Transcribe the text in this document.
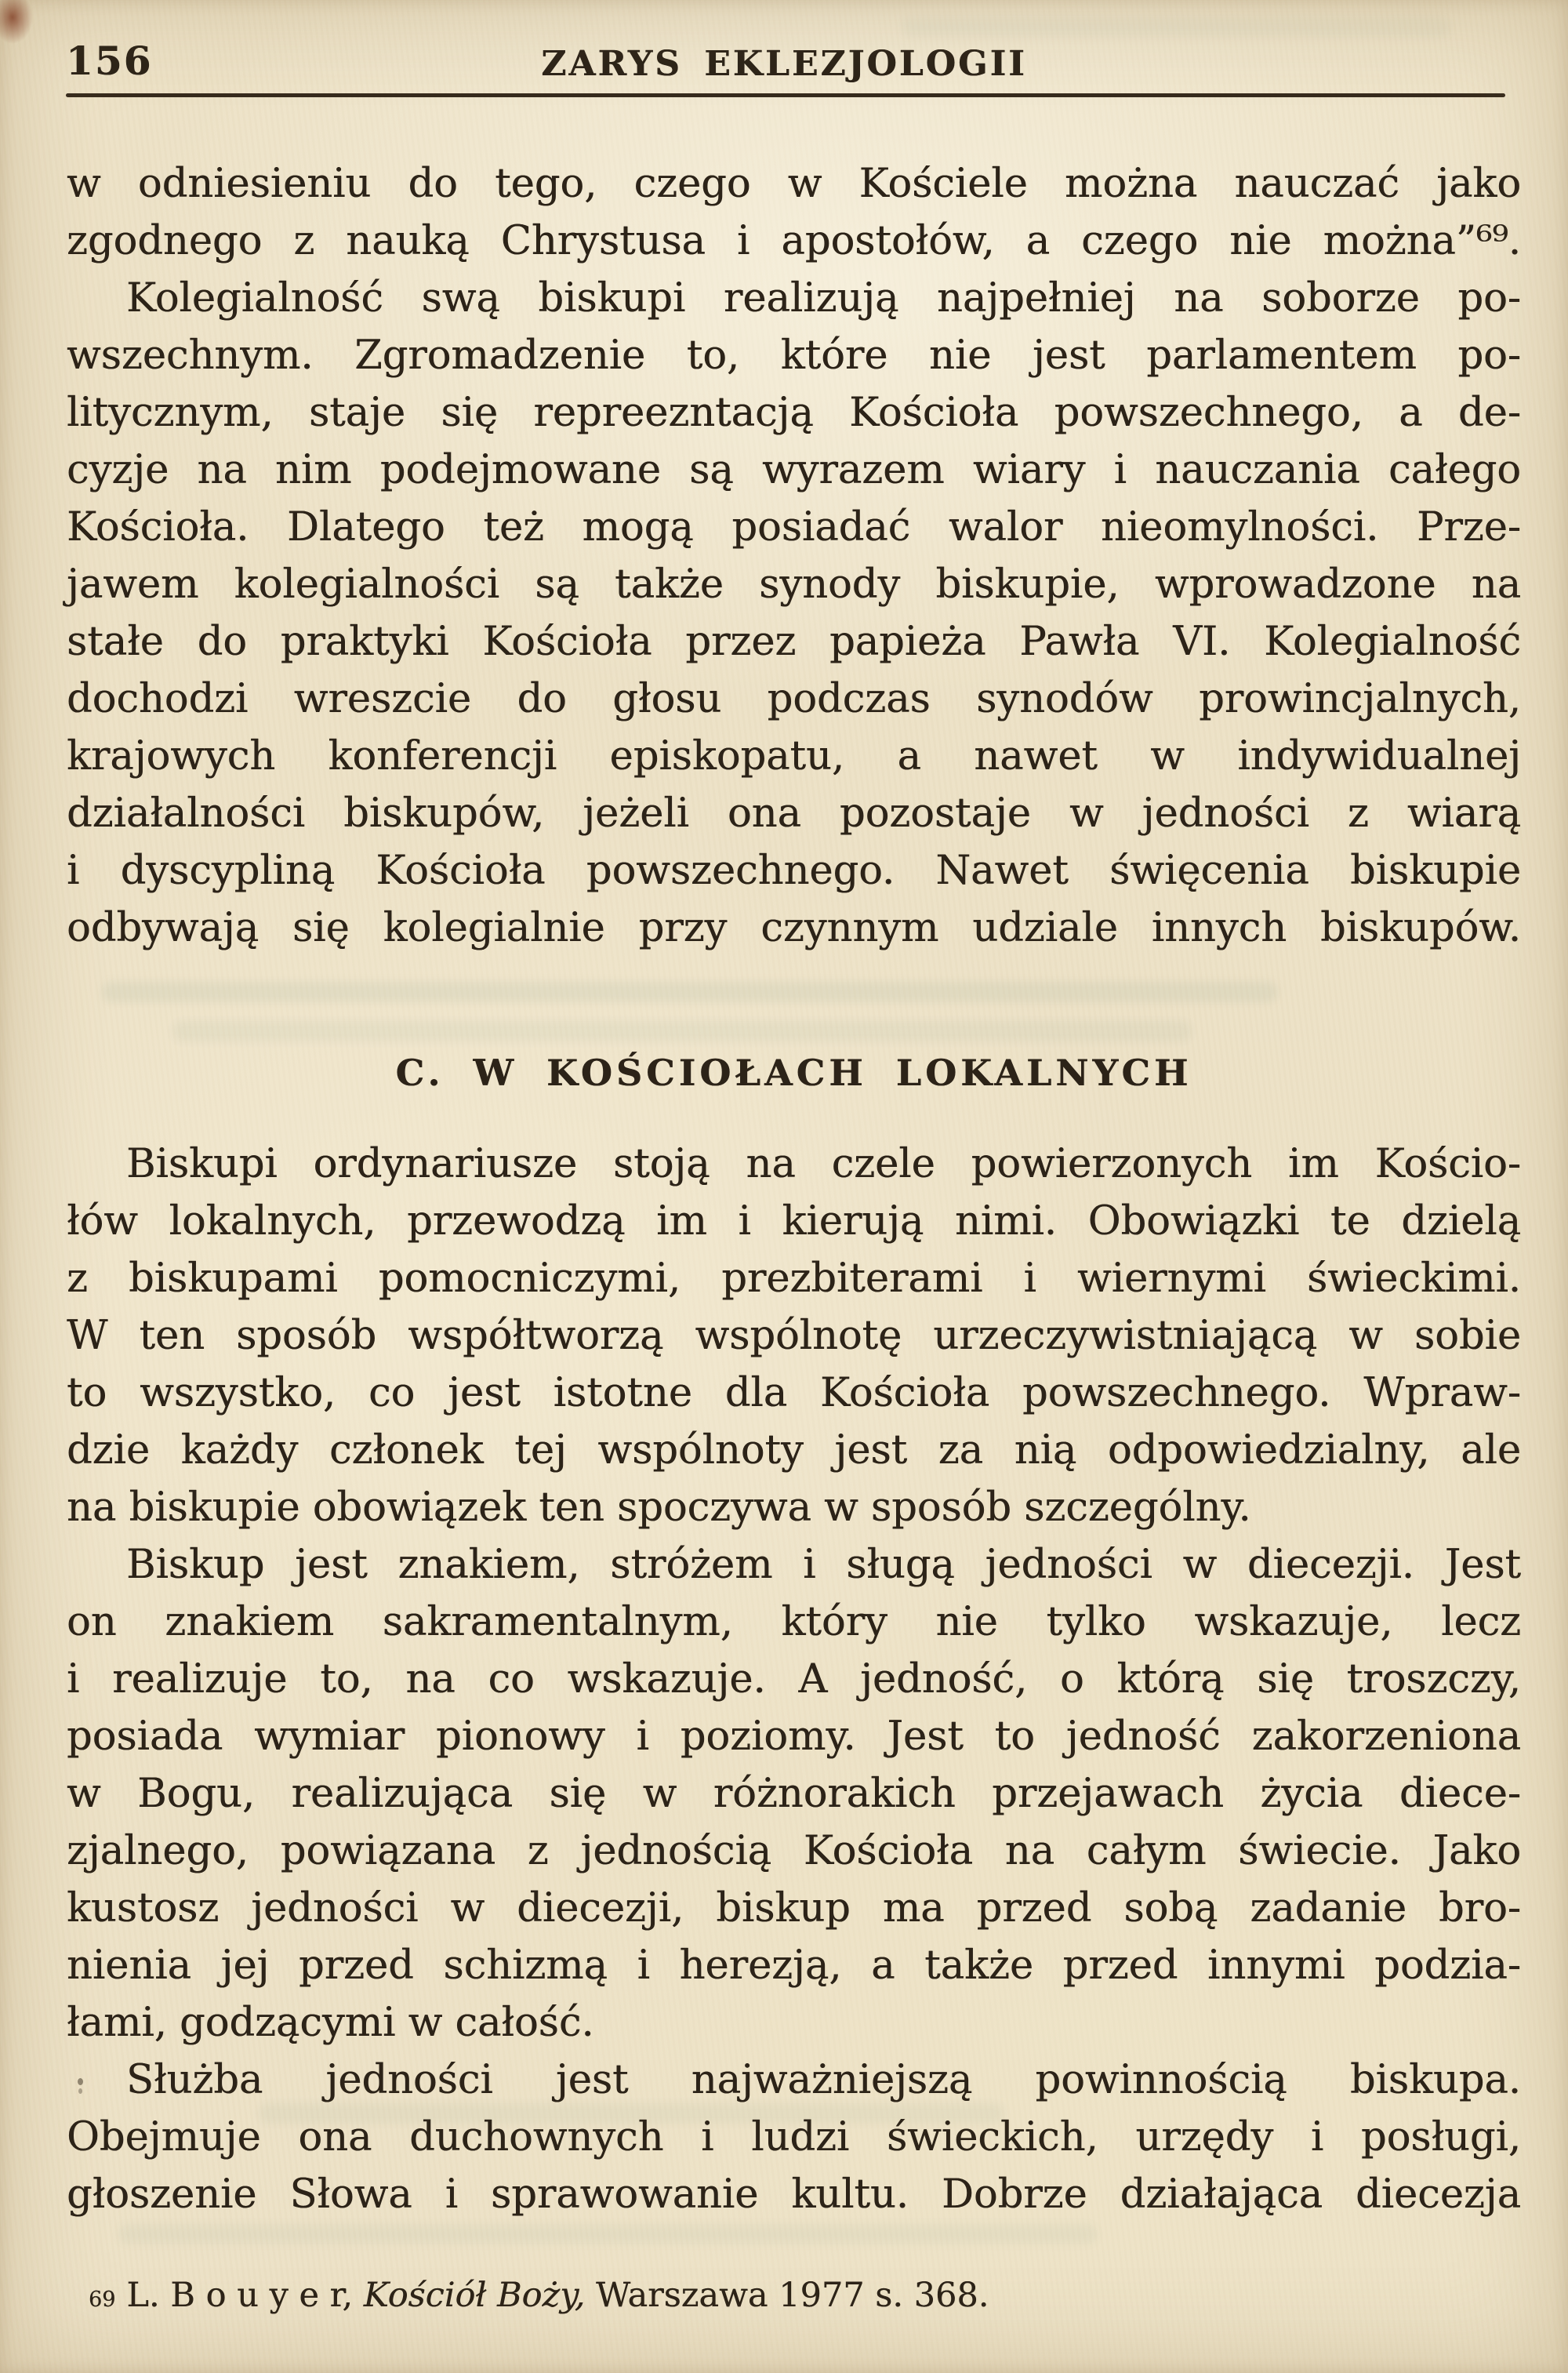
156	ZARYS EKLEZJOLOGII
w odniesieniu do tego, czego w Kościele można nauczać jako
zgodnego z nauką Chrystusa i apostołów, a czego nie można”⁶⁹.
Kolegialność swą biskupi realizują najpełniej na soborze po-
wszechnym. Zgromadzenie to, które nie jest parlamentem po-
litycznym, staje się repreezntacją Kościoła powszechnego, a de-
cyzje na nim podejmowane są wyrazem wiary i nauczania całego
Kościoła. Dlatego też mogą posiadać walor nieomylności. Prze-
jawem kolegialności są także synody biskupie, wprowadzone na
stałe do praktyki Kościoła przez papieża Pawła VI. Kolegialność
dochodzi wreszcie do głosu podczas synodów prowincjalnych,
krajowych konferencji episkopatu, a nawet w indywidualnej
działalności biskupów, jeżeli ona pozostaje w jedności z wiarą
i dyscypliną Kościoła powszechnego. Nawet święcenia biskupie
odbywają się kolegialnie przy czynnym udziale innych biskupów.
C. W KOŚCIOŁACH LOKALNYCH
Biskupi ordynariusze stoją na czele powierzonych im Kościo-
łów lokalnych, przewodzą im i kierują nimi. Obowiązki te dzielą
z biskupami pomocniczymi, prezbiterami i wiernymi świeckimi.
W ten sposób współtworzą wspólnotę urzeczywistniającą w sobie
to wszystko, co jest istotne dla Kościoła powszechnego. Wpraw-
dzie każdy członek tej wspólnoty jest za nią odpowiedzialny, ale
na biskupie obowiązek ten spoczywa w sposób szczególny.
Biskup jest znakiem, stróżem i sługą jedności w diecezji. Jest
on znakiem sakramentalnym, który nie tylko wskazuje, lecz
i realizuje to, na co wskazuje. A jedność, o którą się troszczy,
posiada wymiar pionowy i poziomy. Jest to jedność zakorzeniona
w Bogu, realizująca się w różnorakich przejawach życia diece-
zjalnego, powiązana z jednością Kościoła na całym świecie. Jako
kustosz jedności w diecezji, biskup ma przed sobą zadanie bro-
nienia jej przed schizmą i herezją, a także przed innymi podzia-
łami, godzącymi w całość.
Służba jedności jest najważniejszą powinnością biskupa.
Obejmuje ona duchownych i ludzi świeckich, urzędy i posługi,
głoszenie Słowa i sprawowanie kultu. Dobrze działająca diecezja
$^{69}$ L. B o u y e r, Kościół Boży, Warszawa 1977 s. 368.
